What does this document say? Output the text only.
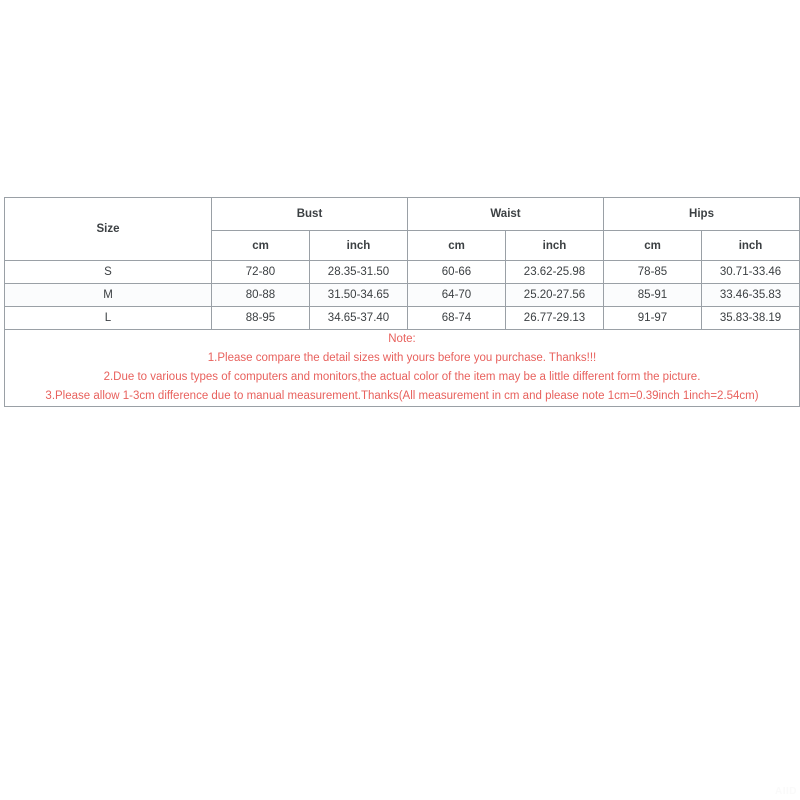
Size	Bust		Waist		Hips	
	cm	inch	cm	inch	cm	inch
S	72-80	28.35-31.50	60-66	23.62-25.98	78-85	30.71-33.46
M	80-88	31.50-34.65	64-70	25.20-27.56	85-91	33.46-35.83
L	88-95	34.65-37.40	68-74	26.77-29.13	91-97	35.83-38.19

Note:
1.Please compare the detail sizes with yours before you purchase. Thanks!!!
2.Due to various types of computers and monitors,the actual color of the item may be a little different form the picture.
3.Please allow 1-3cm difference due to manual measurement.Thanks(All measurement in cm and please note 1cm=0.39inch 1inch=2.54cm)						
AIID
